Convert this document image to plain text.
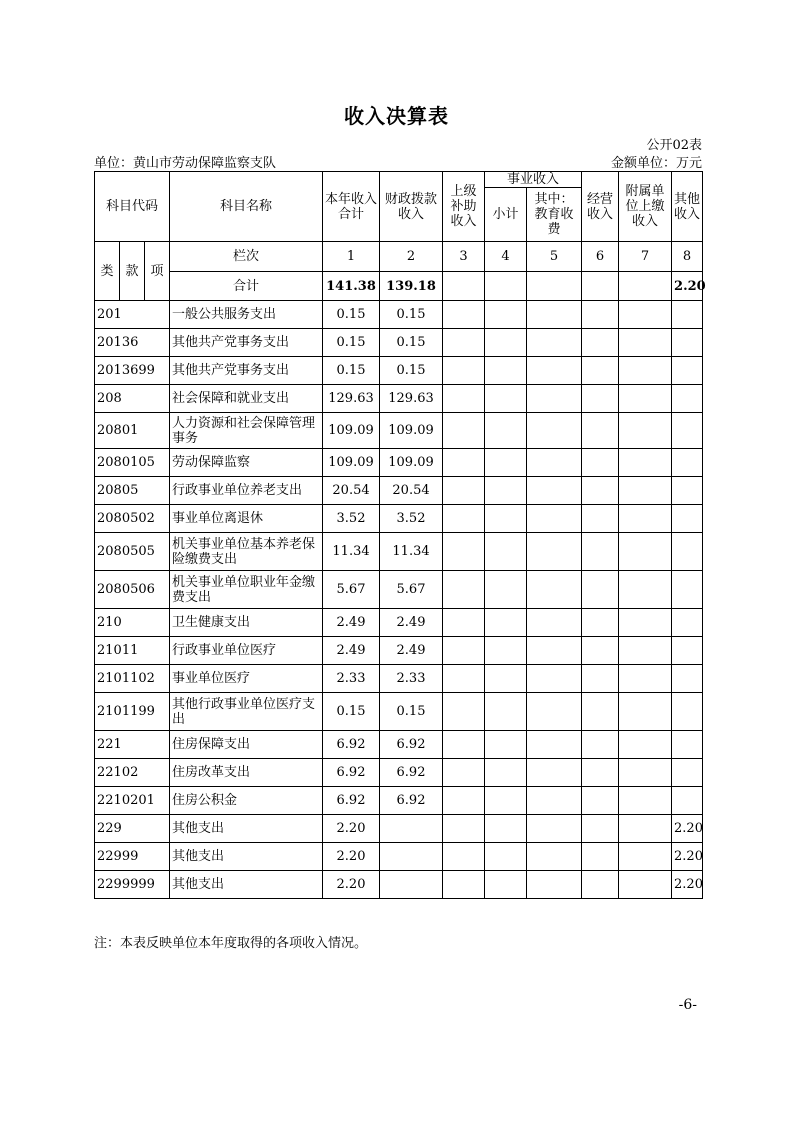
收入决算表
公开02表
单位：黄山市劳动保障监察支队	金额单位：万元
科目代码			科目名称	本年收入合计	财政拨款收入	上级补助收入	事业收入		经营收入	附属单位上缴收入	其他收入
							小计	其中：教育收费			
类	款	项	栏次	1	2	3	4	5	6	7	8
			合计	141.38	139.18						2.20
201			一般公共服务支出	0.15	0.15						
20136			其他共产党事务支出	0.15	0.15						
2013699			其他共产党事务支出	0.15	0.15						
208			社会保障和就业支出	129.63	129.63						
20801			人力资源和社会保障管理事务	109.09	109.09						
2080105			劳动保障监察	109.09	109.09						
20805			行政事业单位养老支出	20.54	20.54						
2080502			事业单位离退休	3.52	3.52						
2080505			机关事业单位基本养老保险缴费支出	11.34	11.34						
2080506			机关事业单位职业年金缴费支出	5.67	5.67						
210			卫生健康支出	2.49	2.49						
21011			行政事业单位医疗	2.49	2.49						
2101102			事业单位医疗	2.33	2.33						
2101199			其他行政事业单位医疗支出	0.15	0.15						
221			住房保障支出	6.92	6.92						
22102			住房改革支出	6.92	6.92						
2210201			住房公积金	6.92	6.92						
229			其他支出	2.20							2.20
22999			其他支出	2.20							2.20
2299999			其他支出	2.20							2.20
注：本表反映单位本年度取得的各项收入情况。
-6-
